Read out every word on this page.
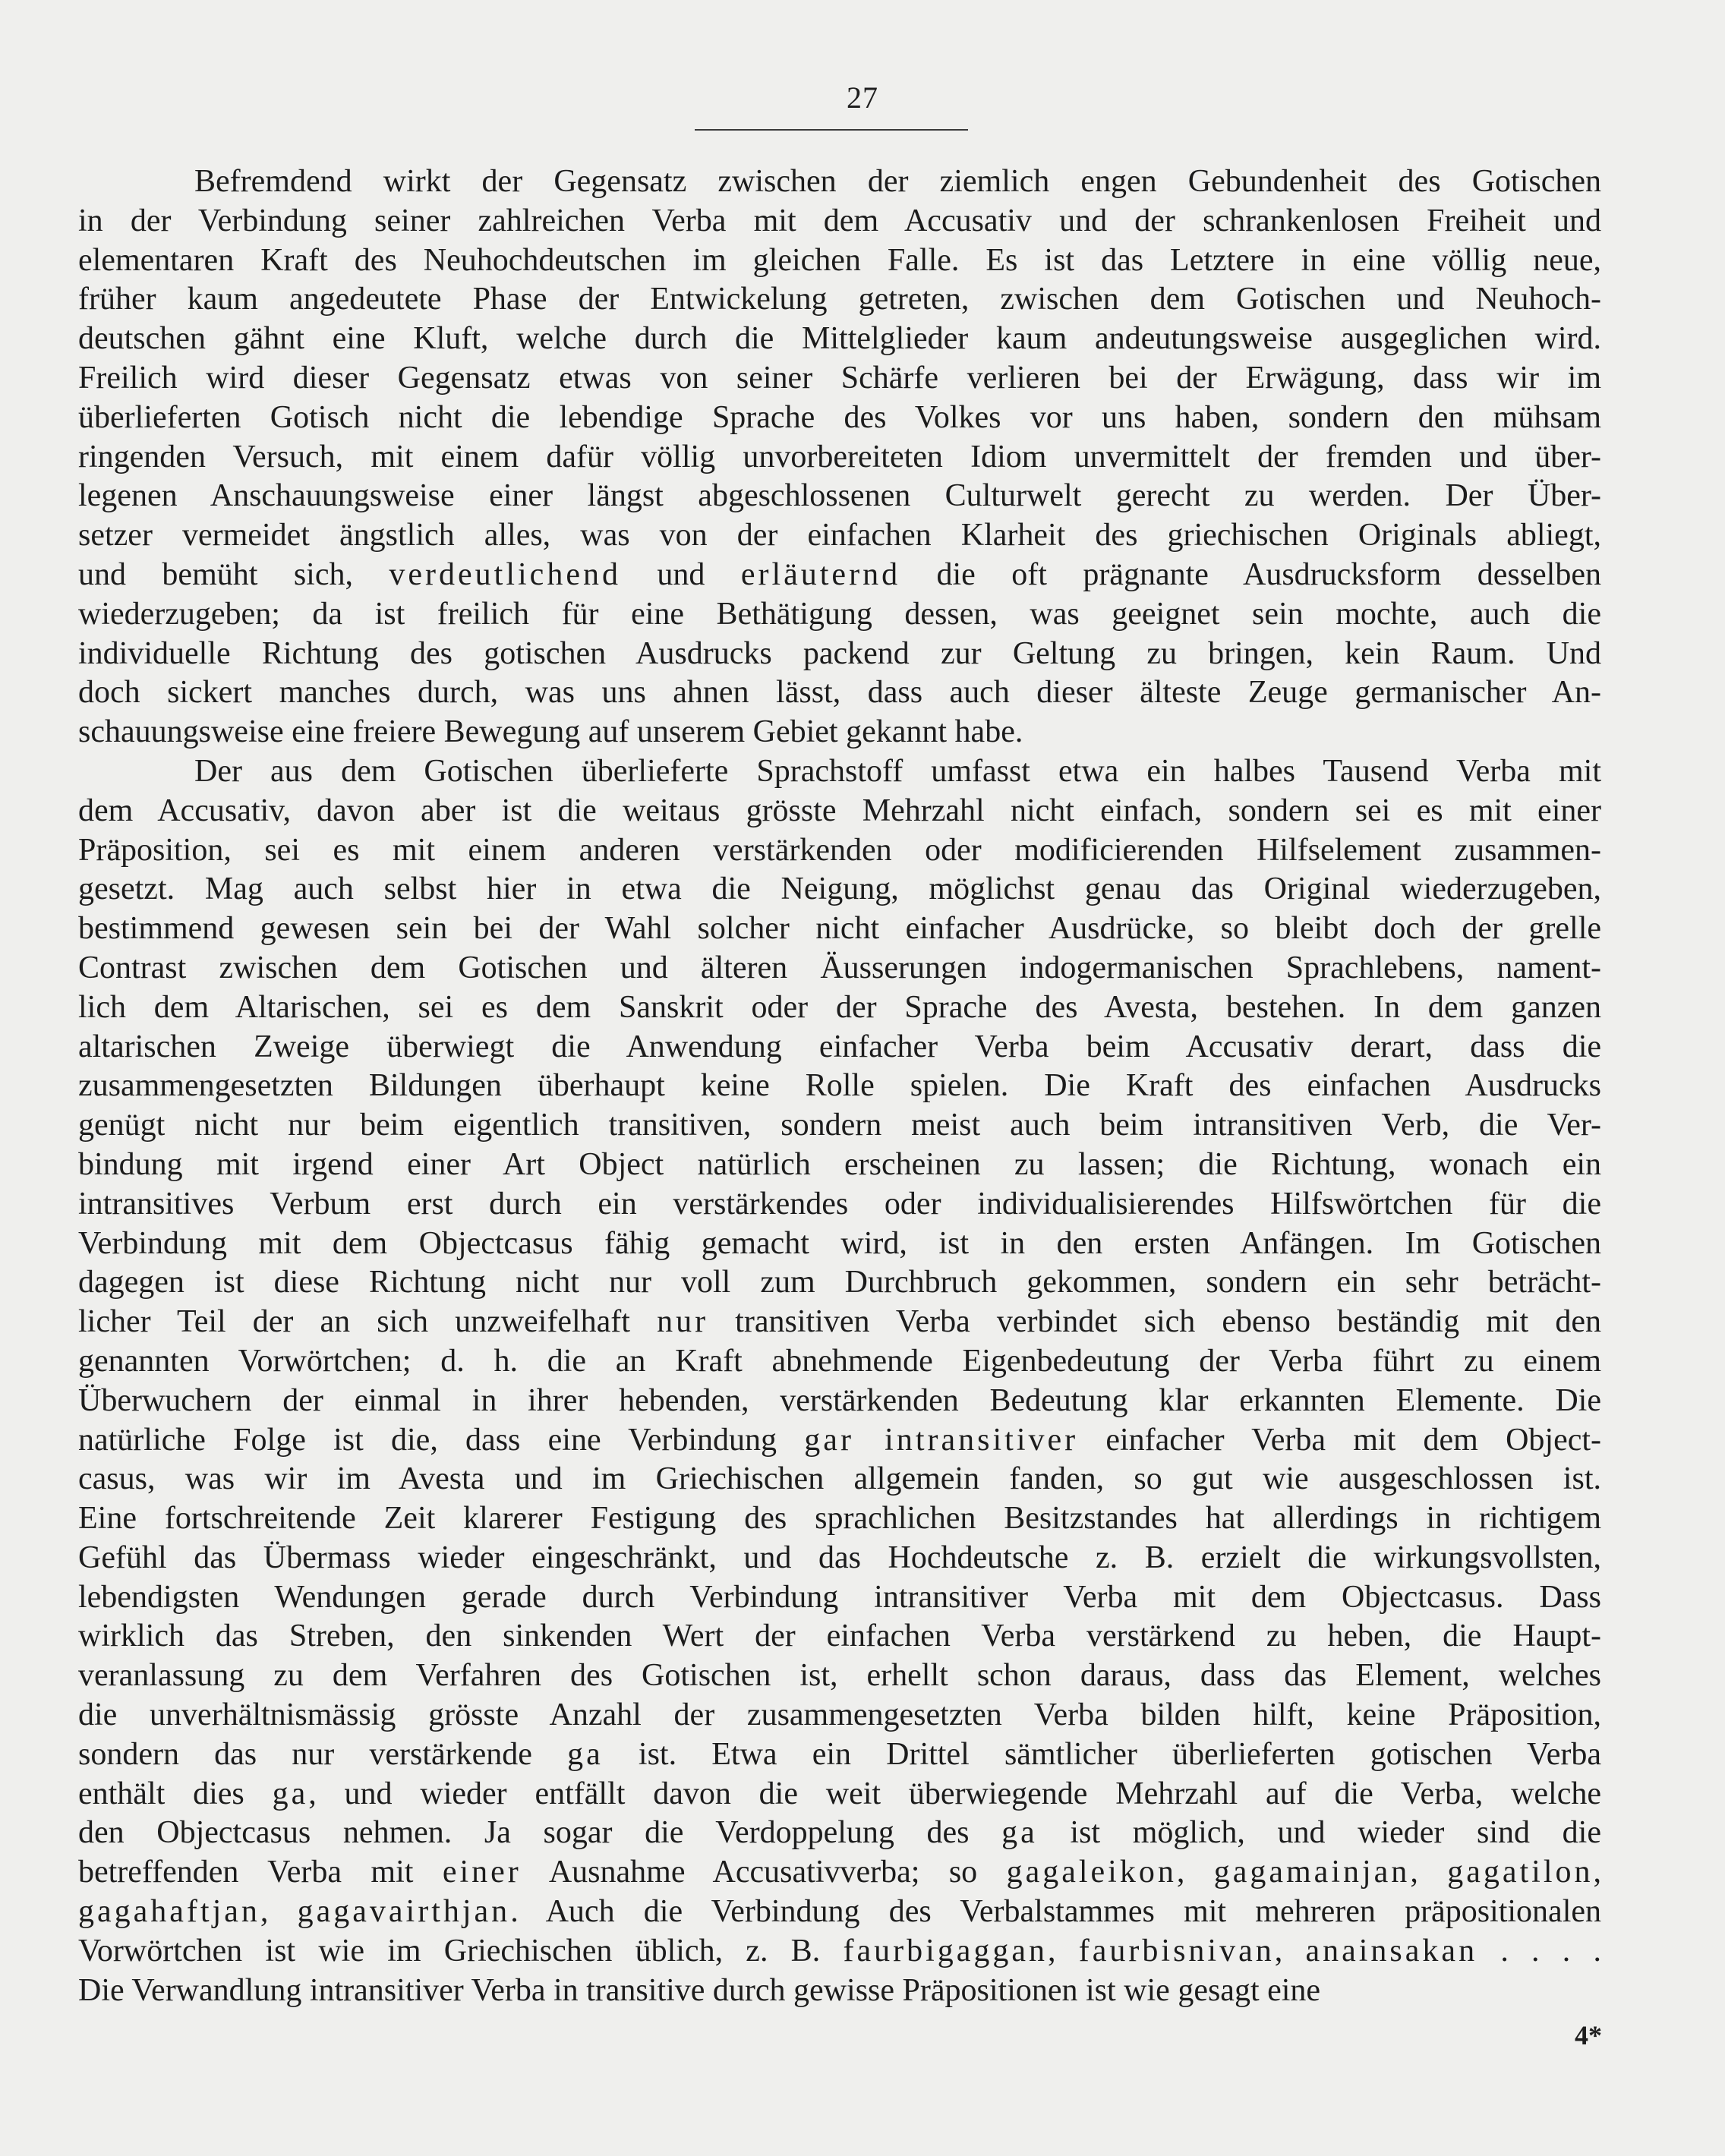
27
Befremdend wirkt der Gegensatz zwischen der ziemlich engen Gebundenheit des Gotischen
in der Verbindung seiner zahlreichen Verba mit dem Accusativ und der schrankenlosen Freiheit und
elementaren Kraft des Neuhochdeutschen im gleichen Falle. Es ist das Letztere in eine völlig neue,
früher kaum angedeutete Phase der Entwickelung getreten, zwischen dem Gotischen und Neuhoch-
deutschen gähnt eine Kluft, welche durch die Mittelglieder kaum andeutungsweise ausgeglichen wird.
Freilich wird dieser Gegensatz etwas von seiner Schärfe verlieren bei der Erwägung, dass wir im
überlieferten Gotisch nicht die lebendige Sprache des Volkes vor uns haben, sondern den mühsam
ringenden Versuch, mit einem dafür völlig unvorbereiteten Idiom unvermittelt der fremden und über-
legenen Anschauungsweise einer längst abgeschlossenen Culturwelt gerecht zu werden. Der Über-
setzer vermeidet ängstlich alles, was von der einfachen Klarheit des griechischen Originals abliegt,
und bemüht sich, verdeutlichend und erläuternd die oft prägnante Ausdrucksform desselben
wiederzugeben; da ist freilich für eine Bethätigung dessen, was geeignet sein mochte, auch die
individuelle Richtung des gotischen Ausdrucks packend zur Geltung zu bringen, kein Raum. Und
doch sickert manches durch, was uns ahnen lässt, dass auch dieser älteste Zeuge germanischer An-
schauungsweise eine freiere Bewegung auf unserem Gebiet gekannt habe.
Der aus dem Gotischen überlieferte Sprachstoff umfasst etwa ein halbes Tausend Verba mit
dem Accusativ, davon aber ist die weitaus grösste Mehrzahl nicht einfach, sondern sei es mit einer
Präposition, sei es mit einem anderen verstärkenden oder modificierenden Hilfselement zusammen-
gesetzt. Mag auch selbst hier in etwa die Neigung, möglichst genau das Original wiederzugeben,
bestimmend gewesen sein bei der Wahl solcher nicht einfacher Ausdrücke, so bleibt doch der grelle
Contrast zwischen dem Gotischen und älteren Äusserungen indogermanischen Sprachlebens, nament-
lich dem Altarischen, sei es dem Sanskrit oder der Sprache des Avesta, bestehen. In dem ganzen
altarischen Zweige überwiegt die Anwendung einfacher Verba beim Accusativ derart, dass die
zusammengesetzten Bildungen überhaupt keine Rolle spielen. Die Kraft des einfachen Ausdrucks
genügt nicht nur beim eigentlich transitiven, sondern meist auch beim intransitiven Verb, die Ver-
bindung mit irgend einer Art Object natürlich erscheinen zu lassen; die Richtung, wonach ein
intransitives Verbum erst durch ein verstärkendes oder individualisierendes Hilfswörtchen für die
Verbindung mit dem Objectcasus fähig gemacht wird, ist in den ersten Anfängen. Im Gotischen
dagegen ist diese Richtung nicht nur voll zum Durchbruch gekommen, sondern ein sehr beträcht-
licher Teil der an sich unzweifelhaft nur transitiven Verba verbindet sich ebenso beständig mit den
genannten Vorwörtchen; d. h. die an Kraft abnehmende Eigenbedeutung der Verba führt zu einem
Überwuchern der einmal in ihrer hebenden, verstärkenden Bedeutung klar erkannten Elemente. Die
natürliche Folge ist die, dass eine Verbindung gar intransitiver einfacher Verba mit dem Object-
casus, was wir im Avesta und im Griechischen allgemein fanden, so gut wie ausgeschlossen ist.
Eine fortschreitende Zeit klarerer Festigung des sprachlichen Besitzstandes hat allerdings in richtigem
Gefühl das Übermass wieder eingeschränkt, und das Hochdeutsche z. B. erzielt die wirkungsvollsten,
lebendigsten Wendungen gerade durch Verbindung intransitiver Verba mit dem Objectcasus. Dass
wirklich das Streben, den sinkenden Wert der einfachen Verba verstärkend zu heben, die Haupt-
veranlassung zu dem Verfahren des Gotischen ist, erhellt schon daraus, dass das Element, welches
die unverhältnismässig grösste Anzahl der zusammengesetzten Verba bilden hilft, keine Präposition,
sondern das nur verstärkende ga ist. Etwa ein Drittel sämtlicher überlieferten gotischen Verba
enthält dies ga, und wieder entfällt davon die weit überwiegende Mehrzahl auf die Verba, welche
den Objectcasus nehmen. Ja sogar die Verdoppelung des ga ist möglich, und wieder sind die
betreffenden Verba mit einer Ausnahme Accusativverba; so gagaleikon, gagamainjan, gagatilon,
gagahaftjan, gagavairthjan. Auch die Verbindung des Verbalstammes mit mehreren präpositionalen
Vorwörtchen ist wie im Griechischen üblich, z. B. faurbigaggan, faurbisnivan, anainsakan . . . .
Die Verwandlung intransitiver Verba in transitive durch gewisse Präpositionen ist wie gesagt eine
4*
